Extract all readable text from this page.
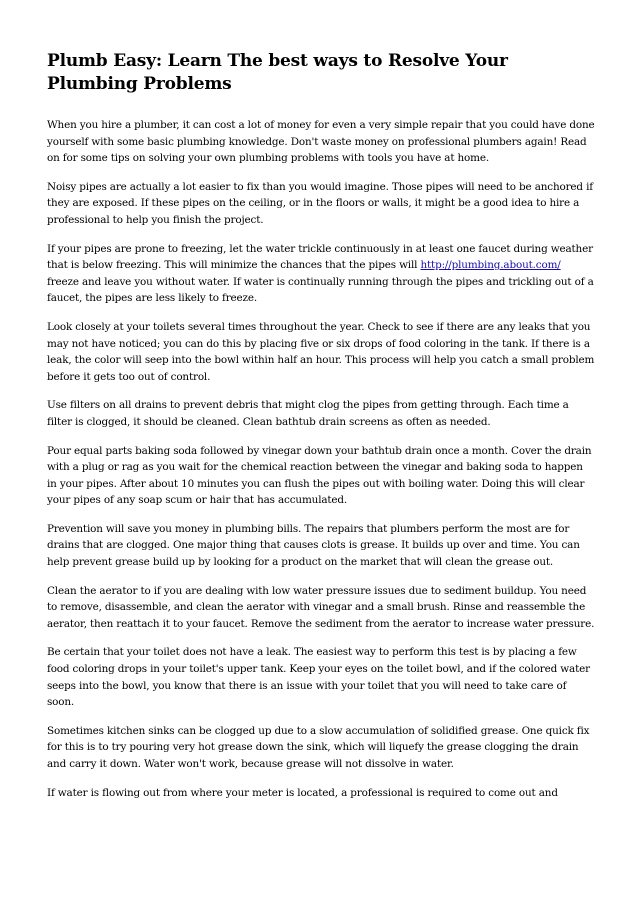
Plumb Easy: Learn The best ways to Resolve Your Plumbing Problems

When you hire a plumber, it can cost a lot of money for even a very simple repair that you could have done yourself with some basic plumbing knowledge. Don't waste money on professional plumbers again! Read on for some tips on solving your own plumbing problems with tools you have at home.

Noisy pipes are actually a lot easier to fix than you would imagine. Those pipes will need to be anchored if they are exposed. If these pipes on the ceiling, or in the floors or walls, it might be a good idea to hire a professional to help you finish the project.

If your pipes are prone to freezing, let the water trickle continuously in at least one faucet during weather that is below freezing. This will minimize the chances that the pipes will http://plumbing.about.com/ freeze and leave you without water. If water is continually running through the pipes and trickling out of a faucet, the pipes are less likely to freeze.

Look closely at your toilets several times throughout the year. Check to see if there are any leaks that you may not have noticed; you can do this by placing five or six drops of food coloring in the tank. If there is a leak, the color will seep into the bowl within half an hour. This process will help you catch a small problem before it gets too out of control.

Use filters on all drains to prevent debris that might clog the pipes from getting through. Each time a filter is clogged, it should be cleaned. Clean bathtub drain screens as often as needed.

Pour equal parts baking soda followed by vinegar down your bathtub drain once a month. Cover the drain with a plug or rag as you wait for the chemical reaction between the vinegar and baking soda to happen in your pipes. After about 10 minutes you can flush the pipes out with boiling water. Doing this will clear your pipes of any soap scum or hair that has accumulated.

Prevention will save you money in plumbing bills. The repairs that plumbers perform the most are for drains that are clogged. One major thing that causes clots is grease. It builds up over and time. You can help prevent grease build up by looking for a product on the market that will clean the grease out.

Clean the aerator to if you are dealing with low water pressure issues due to sediment buildup. You need to remove, disassemble, and clean the aerator with vinegar and a small brush. Rinse and reassemble the aerator, then reattach it to your faucet. Remove the sediment from the aerator to increase water pressure.

Be certain that your toilet does not have a leak. The easiest way to perform this test is by placing a few food coloring drops in your toilet's upper tank. Keep your eyes on the toilet bowl, and if the colored water seeps into the bowl, you know that there is an issue with your toilet that you will need to take care of soon.

Sometimes kitchen sinks can be clogged up due to a slow accumulation of solidified grease. One quick fix for this is to try pouring very hot grease down the sink, which will liquefy the grease clogging the drain and carry it down. Water won't work, because grease will not dissolve in water.

If water is flowing out from where your meter is located, a professional is required to come out and
